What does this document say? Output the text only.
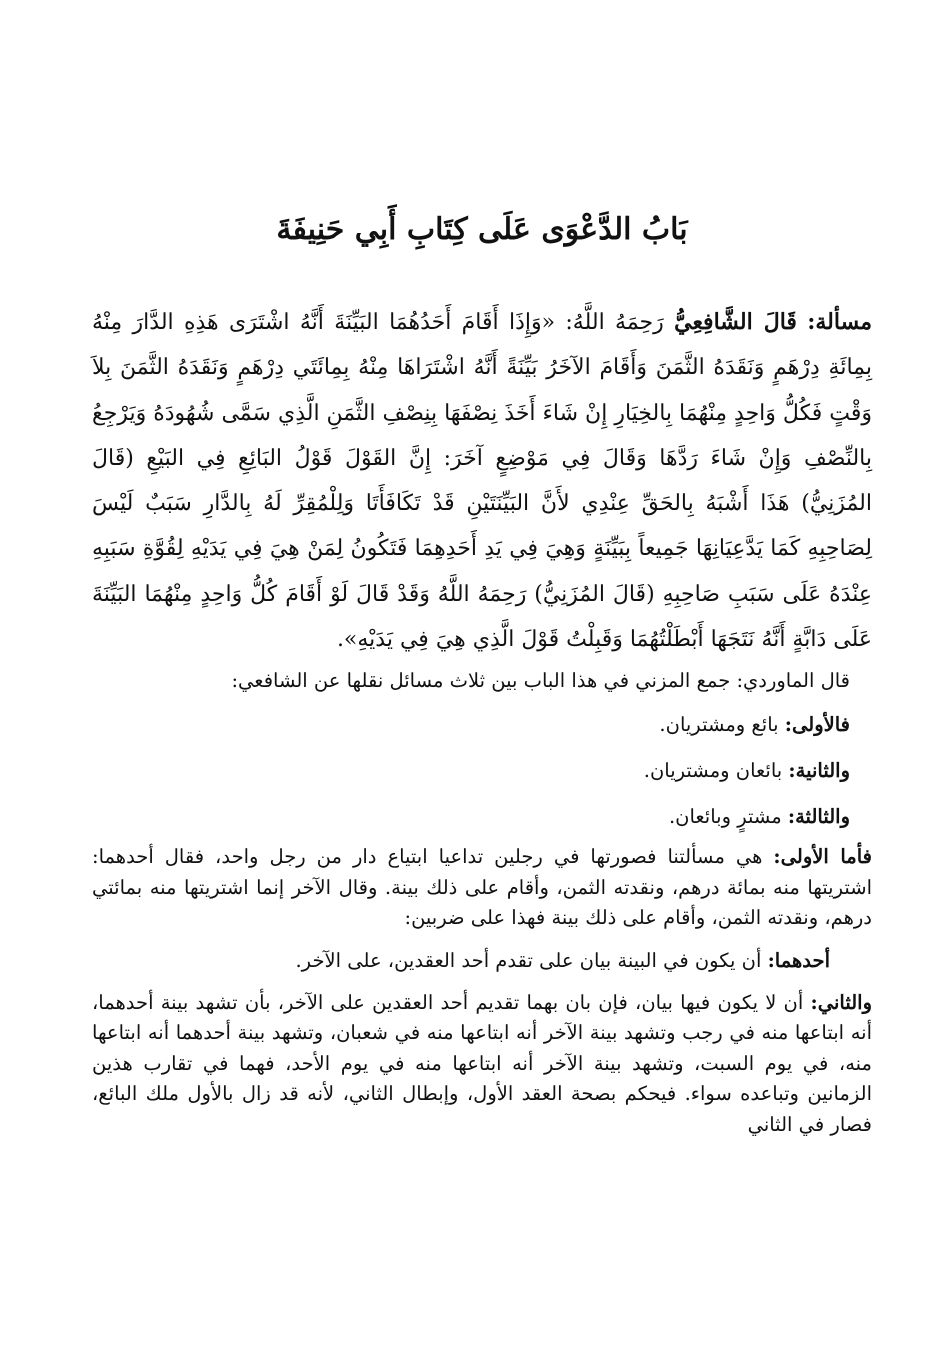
بَابُ الدَّعْوَى عَلَى كِتَابِ أَبِي حَنِيفَةَ

مسألة: قَالَ الشَّافِعِيُّ رَحِمَهُ اللَّهُ: «وَإِذَا أَقَامَ أَحَدُهُمَا البَيِّنَةَ أَنَّهُ اشْتَرَى هَذِهِ الدَّارَ مِنْهُ بِمِائَةِ دِرْهَمٍ وَنَقَدَهُ الثَّمَنَ وَأَقَامَ الآخَرُ بَيِّنَةً أَنَّهُ اشْتَرَاهَا مِنْهُ بِمِائَتَي دِرْهَمٍ وَنَقَدَهُ الثَّمَنَ بِلاَ وَقْتٍ فَكُلُّ وَاحِدٍ مِنْهُمَا بِالخِيَارِ إِنْ شَاءَ أَخَذَ نِصْفَهَا بِنِصْفِ الثَّمَنِ الَّذِي سَمَّى شُهُودَهُ وَيَرْجِعُ بِالنِّصْفِ وَإِنْ شَاءَ رَدَّهَا وَقَالَ فِي مَوْضِعٍ آخَرَ: إِنَّ القَوْلَ قَوْلُ البَائِعِ فِي البَيْعِ (قَالَ المُزَنِيُّ) هَذَا أَشْبَهُ بِالحَقِّ عِنْدِي لأَنَّ البَيِّنَتَيْنِ قَدْ تَكَافَأَتَا وَلِلْمُقِرِّ لَهُ بِالدَّارِ سَبَبٌ لَيْسَ لِصَاحِبِهِ كَمَا يَدَّعِيَانِهَا جَمِيعاً بِبَيِّنَةٍ وَهِيَ فِي يَدِ أَحَدِهِمَا فَتَكُونُ لِمَنْ هِيَ فِي يَدَيْهِ لِقُوَّةِ سَبَبِهِ عِنْدَهُ عَلَى سَبَبِ صَاحِبِهِ (قَالَ المُزَنِيُّ) رَحِمَهُ اللَّهُ وَقَدْ قَالَ لَوْ أَقَامَ كُلُّ وَاحِدٍ مِنْهُمَا البَيِّنَةَ عَلَى دَابَّةٍ أَنَّهُ نَتَجَهَا أَبْطَلْتُهُمَا وَقَبِلْتُ قَوْلَ الَّذِي هِيَ فِي يَدَيْهِ».

قال الماوردي: جمع المزني في هذا الباب بين ثلاث مسائل نقلها عن الشافعي:

فالأولى: بائع ومشتريان.

والثانية: بائعان ومشتريان.

والثالثة: مشترٍ وبائعان.

فأما الأولى: هي مسألتنا فصورتها في رجلين تداعيا ابتياع دار من رجل واحد، فقال أحدهما: اشتريتها منه بمائة درهم، ونقدته الثمن، وأقام على ذلك بينة. وقال الآخر إنما اشتريتها منه بمائتي درهم، ونقدته الثمن، وأقام على ذلك بينة فهذا على ضربين:

أحدهما: أن يكون في البينة بيان على تقدم أحد العقدين، على الآخر.

والثاني: أن لا يكون فيها بيان، فإن بان بهما تقديم أحد العقدين على الآخر، بأن تشهد بينة أحدهما، أنه ابتاعها منه في رجب وتشهد بينة الآخر أنه ابتاعها منه في شعبان، وتشهد بينة أحدهما أنه ابتاعها منه، في يوم السبت، وتشهد بينة الآخر أنه ابتاعها منه في يوم الأحد، فهما في تقارب هذين الزمانين وتباعده سواء. فيحكم بصحة العقد الأول، وإبطال الثاني، لأنه قد زال بالأول ملك البائع، فصار في الثاني
